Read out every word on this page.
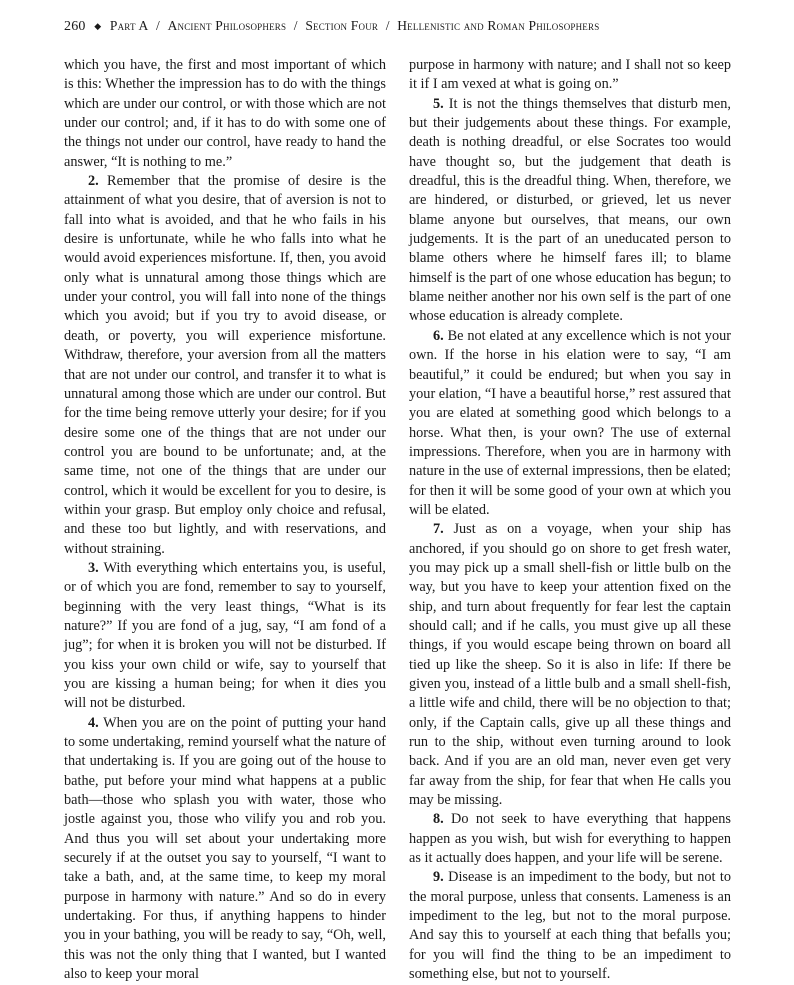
260 ◆ Part A / Ancient Philosophers / Section Four / Hellenistic and Roman Philosophers

which you have, the first and most important of which is this: Whether the impression has to do with the things which are under our control, or with those which are not under our control; and, if it has to do with some one of the things not under our control, have ready to hand the answer, “It is nothing to me.”

2. Remember that the promise of desire is the attainment of what you desire, that of aversion is not to fall into what is avoided, and that he who fails in his desire is unfortunate, while he who falls into what he would avoid experiences misfortune. If, then, you avoid only what is unnatural among those things which are under your control, you will fall into none of the things which you avoid; but if you try to avoid disease, or death, or poverty, you will experience misfortune. Withdraw, therefore, your aversion from all the matters that are not under our control, and transfer it to what is unnatural among those which are under our control. But for the time being remove utterly your desire; for if you desire some one of the things that are not under our control you are bound to be unfortunate; and, at the same time, not one of the things that are under our control, which it would be excellent for you to desire, is within your grasp. But employ only choice and refusal, and these too but lightly, and with reservations, and without straining.

3. With everything which entertains you, is useful, or of which you are fond, remember to say to yourself, beginning with the very least things, “What is its nature?” If you are fond of a jug, say, “I am fond of a jug”; for when it is broken you will not be disturbed. If you kiss your own child or wife, say to yourself that you are kissing a human being; for when it dies you will not be disturbed.

4. When you are on the point of putting your hand to some undertaking, remind yourself what the nature of that undertaking is. If you are going out of the house to bathe, put before your mind what happens at a public bath—those who splash you with water, those who jostle against you, those who vilify you and rob you. And thus you will set about your undertaking more securely if at the outset you say to yourself, “I want to take a bath, and, at the same time, to keep my moral purpose in harmony with nature.” And so do in every undertaking. For thus, if anything happens to hinder you in your bathing, you will be ready to say, “Oh, well, this was not the only thing that I wanted, but I wanted also to keep your moral

purpose in harmony with nature; and I shall not so keep it if I am vexed at what is going on.”

5. It is not the things themselves that disturb men, but their judgements about these things. For example, death is nothing dreadful, or else Socrates too would have thought so, but the judgement that death is dreadful, this is the dreadful thing. When, therefore, we are hindered, or disturbed, or grieved, let us never blame anyone but ourselves, that means, our own judgements. It is the part of an uneducated person to blame others where he himself fares ill; to blame himself is the part of one whose education has begun; to blame neither another nor his own self is the part of one whose education is already complete.

6. Be not elated at any excellence which is not your own. If the horse in his elation were to say, “I am beautiful,” it could be endured; but when you say in your elation, “I have a beautiful horse,” rest assured that you are elated at something good which belongs to a horse. What then, is your own? The use of external impressions. Therefore, when you are in harmony with nature in the use of external impressions, then be elated; for then it will be some good of your own at which you will be elated.

7. Just as on a voyage, when your ship has anchored, if you should go on shore to get fresh water, you may pick up a small shell-fish or little bulb on the way, but you have to keep your attention fixed on the ship, and turn about frequently for fear lest the captain should call; and if he calls, you must give up all these things, if you would escape being thrown on board all tied up like the sheep. So it is also in life: If there be given you, instead of a little bulb and a small shell-fish, a little wife and child, there will be no objection to that; only, if the Captain calls, give up all these things and run to the ship, without even turning around to look back. And if you are an old man, never even get very far away from the ship, for fear that when He calls you may be missing.

8. Do not seek to have everything that happens happen as you wish, but wish for everything to happen as it actually does happen, and your life will be serene.

9. Disease is an impediment to the body, but not to the moral purpose, unless that consents. Lameness is an impediment to the leg, but not to the moral purpose. And say this to yourself at each thing that befalls you; for you will find the thing to be an impediment to something else, but not to yourself.
